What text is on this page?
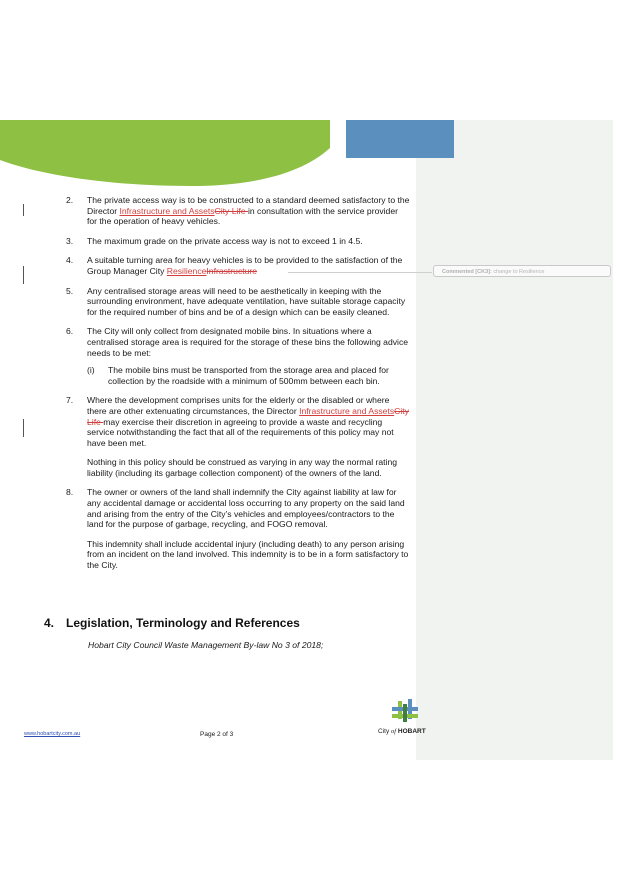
Commented [CK3]: change to Resilience
2. The private access way is to be constructed to a standard deemed satisfactory to the Director Infrastructure and AssetsCity Life in consultation with the service provider for the operation of heavy vehicles.
3. The maximum grade on the private access way is not to exceed 1 in 4.5.
4. A suitable turning area for heavy vehicles is to be provided to the satisfaction of the Group Manager City ResilienceInfrastructure
5. Any centralised storage areas will need to be aesthetically in keeping with the surrounding environment, have adequate ventilation, have suitable storage capacity for the required number of bins and be of a design which can be easily cleaned.
6. The City will only collect from designated mobile bins. In situations where a centralised storage area is required for the storage of these bins the following advice needs to be met:
(i) The mobile bins must be transported from the storage area and placed for collection by the roadside with a minimum of 500mm between each bin.
7. Where the development comprises units for the elderly or the disabled or where there are other extenuating circumstances, the Director Infrastructure and AssetsCity Life may exercise their discretion in agreeing to provide a waste and recycling service notwithstanding the fact that all of the requirements of this policy may not have been met.
Nothing in this policy should be construed as varying in any way the normal rating liability (including its garbage collection component) of the owners of the land.
8. The owner or owners of the land shall indemnify the City against liability at law for any accidental damage or accidental loss occurring to any property on the said land and arising from the entry of the City’s vehicles and employees/contractors to the land for the purpose of garbage, recycling, and FOGO removal.
This indemnity shall include accidental injury (including death) to any person arising from an incident on the land involved. This indemnity is to be in a form satisfactory to the City.
4. Legislation, Terminology and References
Hobart City Council Waste Management By-law No 3 of 2018;
City of HOBART
www.hobartcity.com.au	Page 2 of 3
